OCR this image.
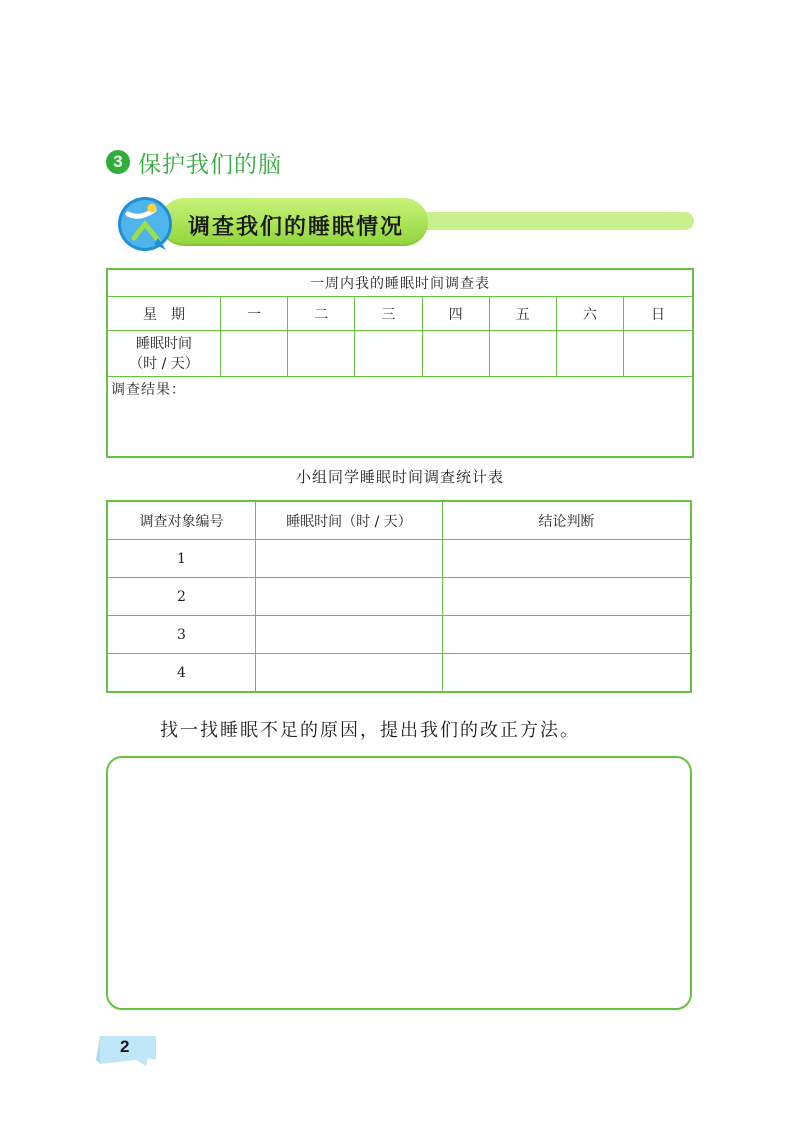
3 保护我们的脑
调查我们的睡眠情况
一周内我的睡眠时间调查表							
星　期	一	二	三	四	五	六	日

睡眠时间
（时 / 天）							

调查结果：							
小组同学睡眠时间调查统计表
调查对象编号	睡眠时间（时 / 天）	结论判断
1		
2		
3		
4		
找一找睡眠不足的原因，提出我们的改正方法。
2
